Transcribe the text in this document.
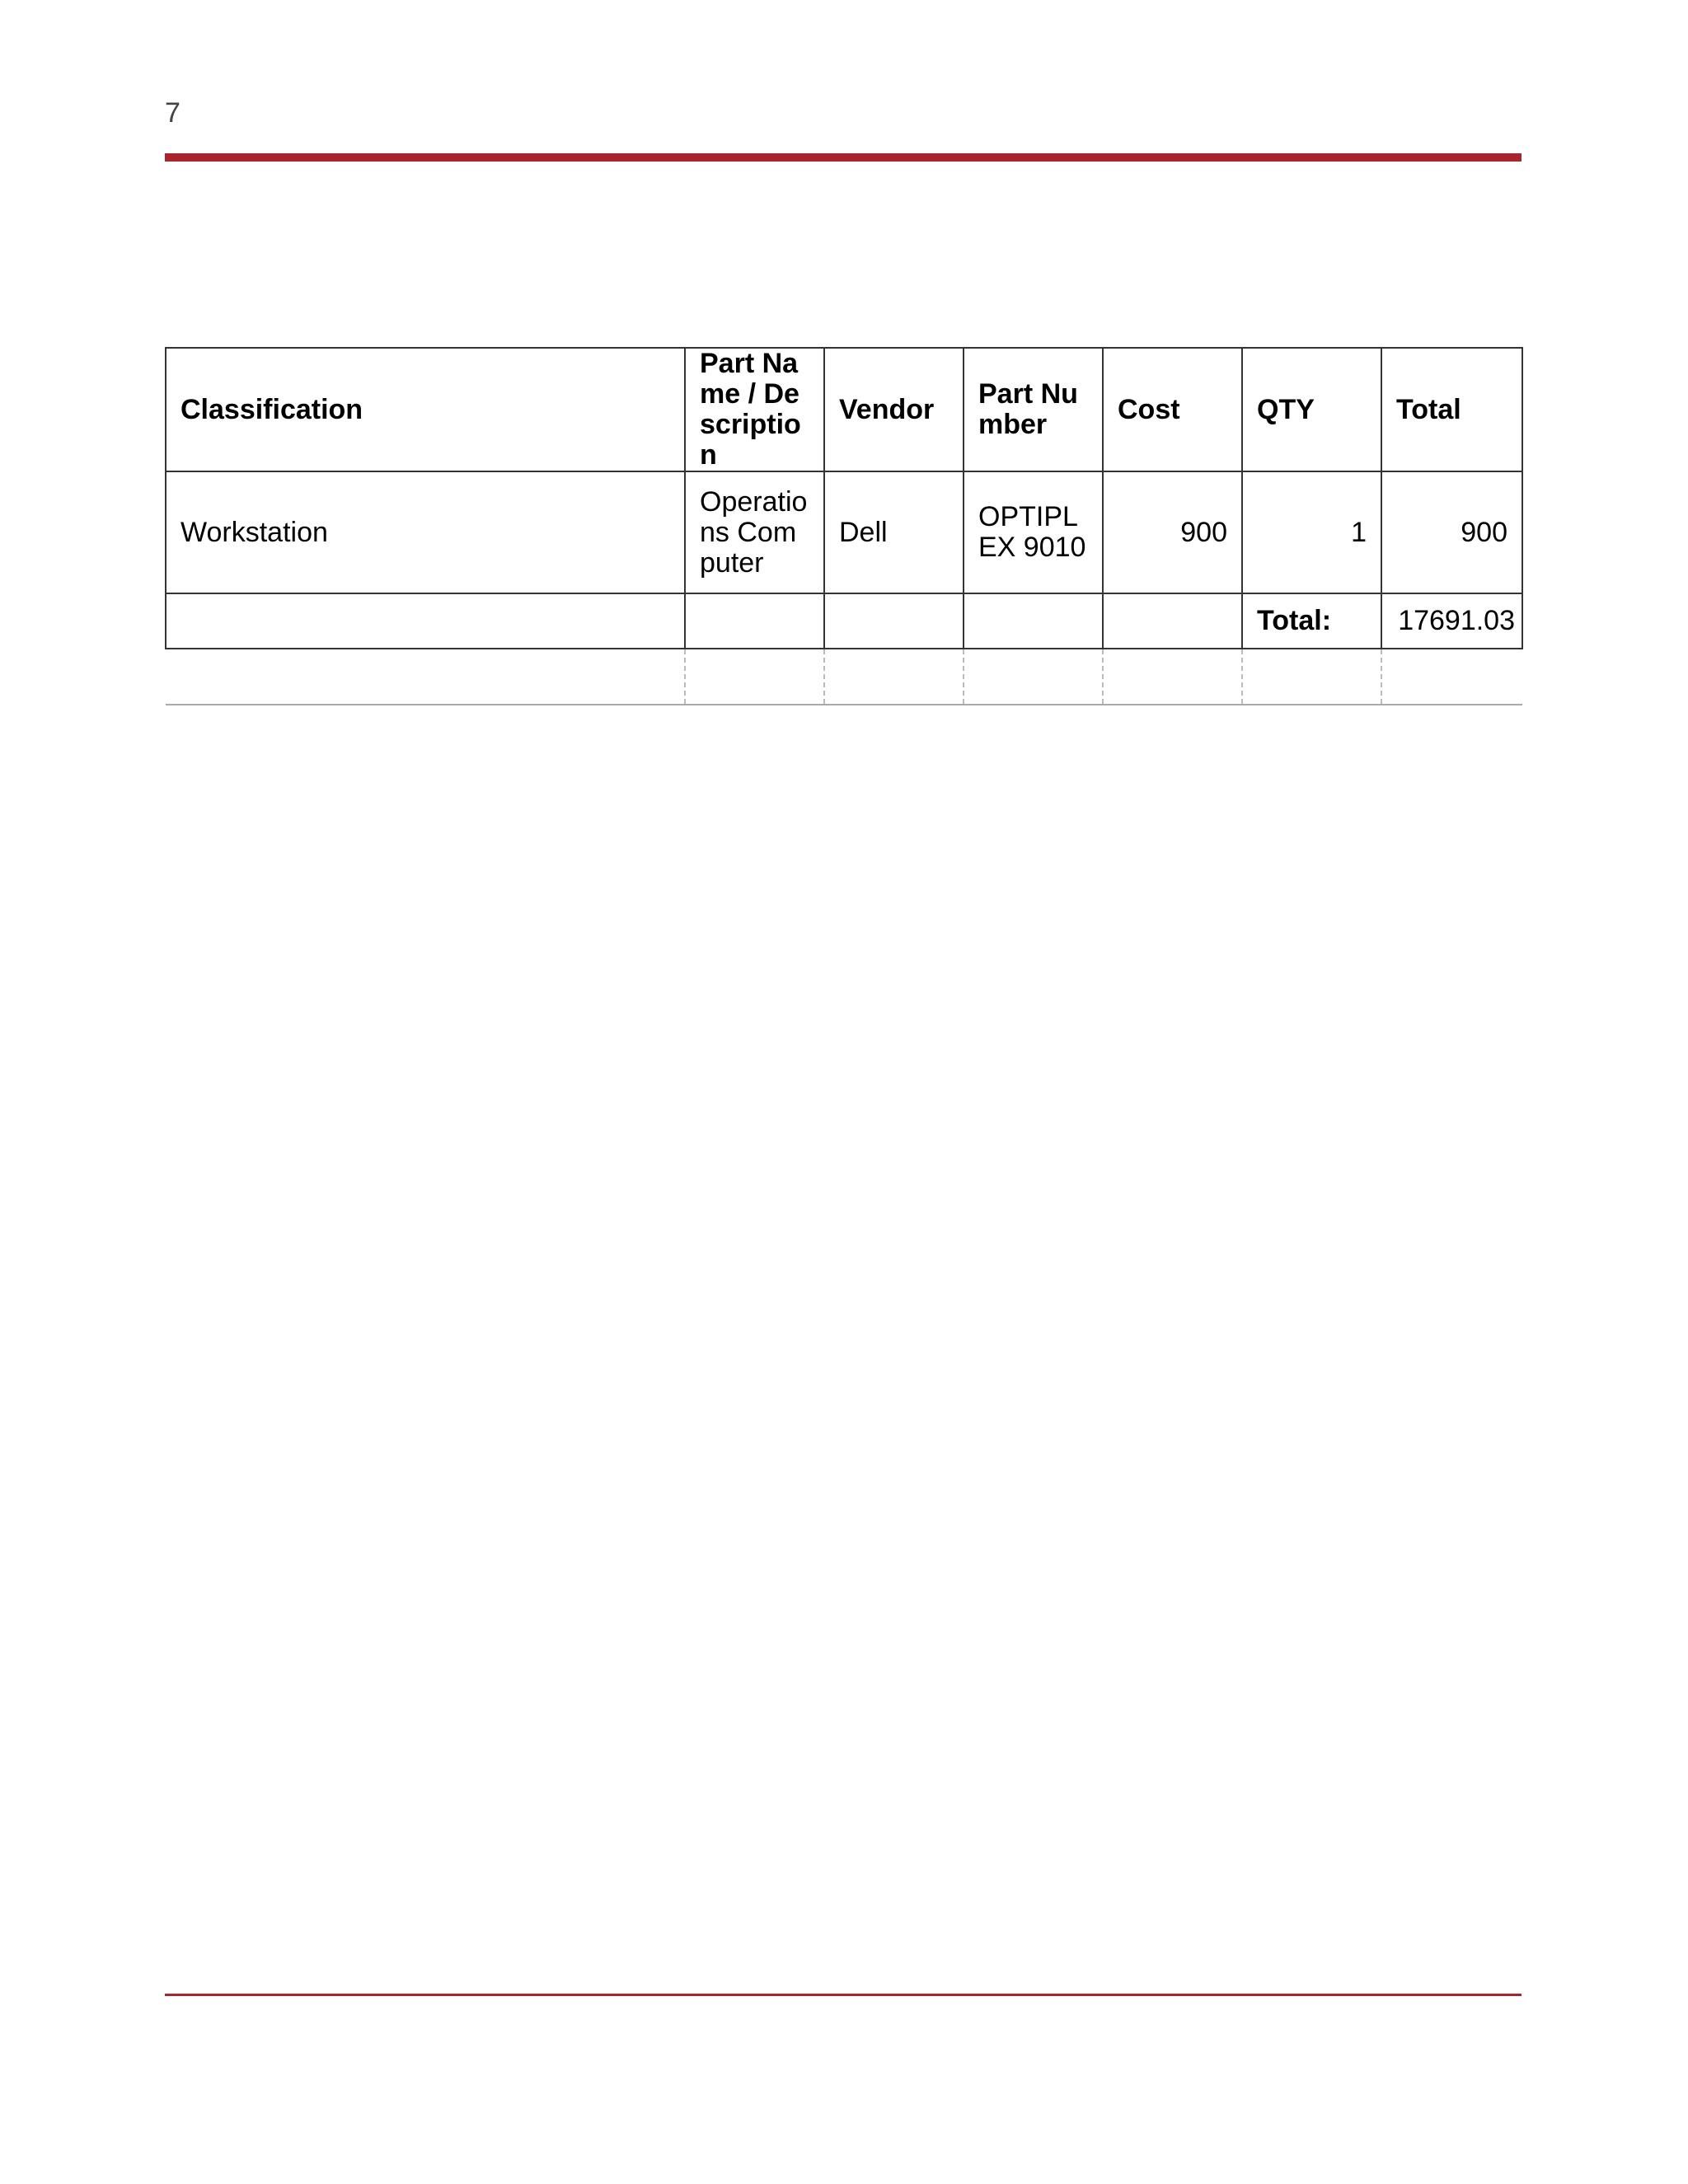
7
Classification	Part Name / Description	Vendor	Part Number	Cost	QTY	Total
Workstation	Operations Computer	Dell	OPTIPLEX 9010	900	1	900
					Total:	17691.03
